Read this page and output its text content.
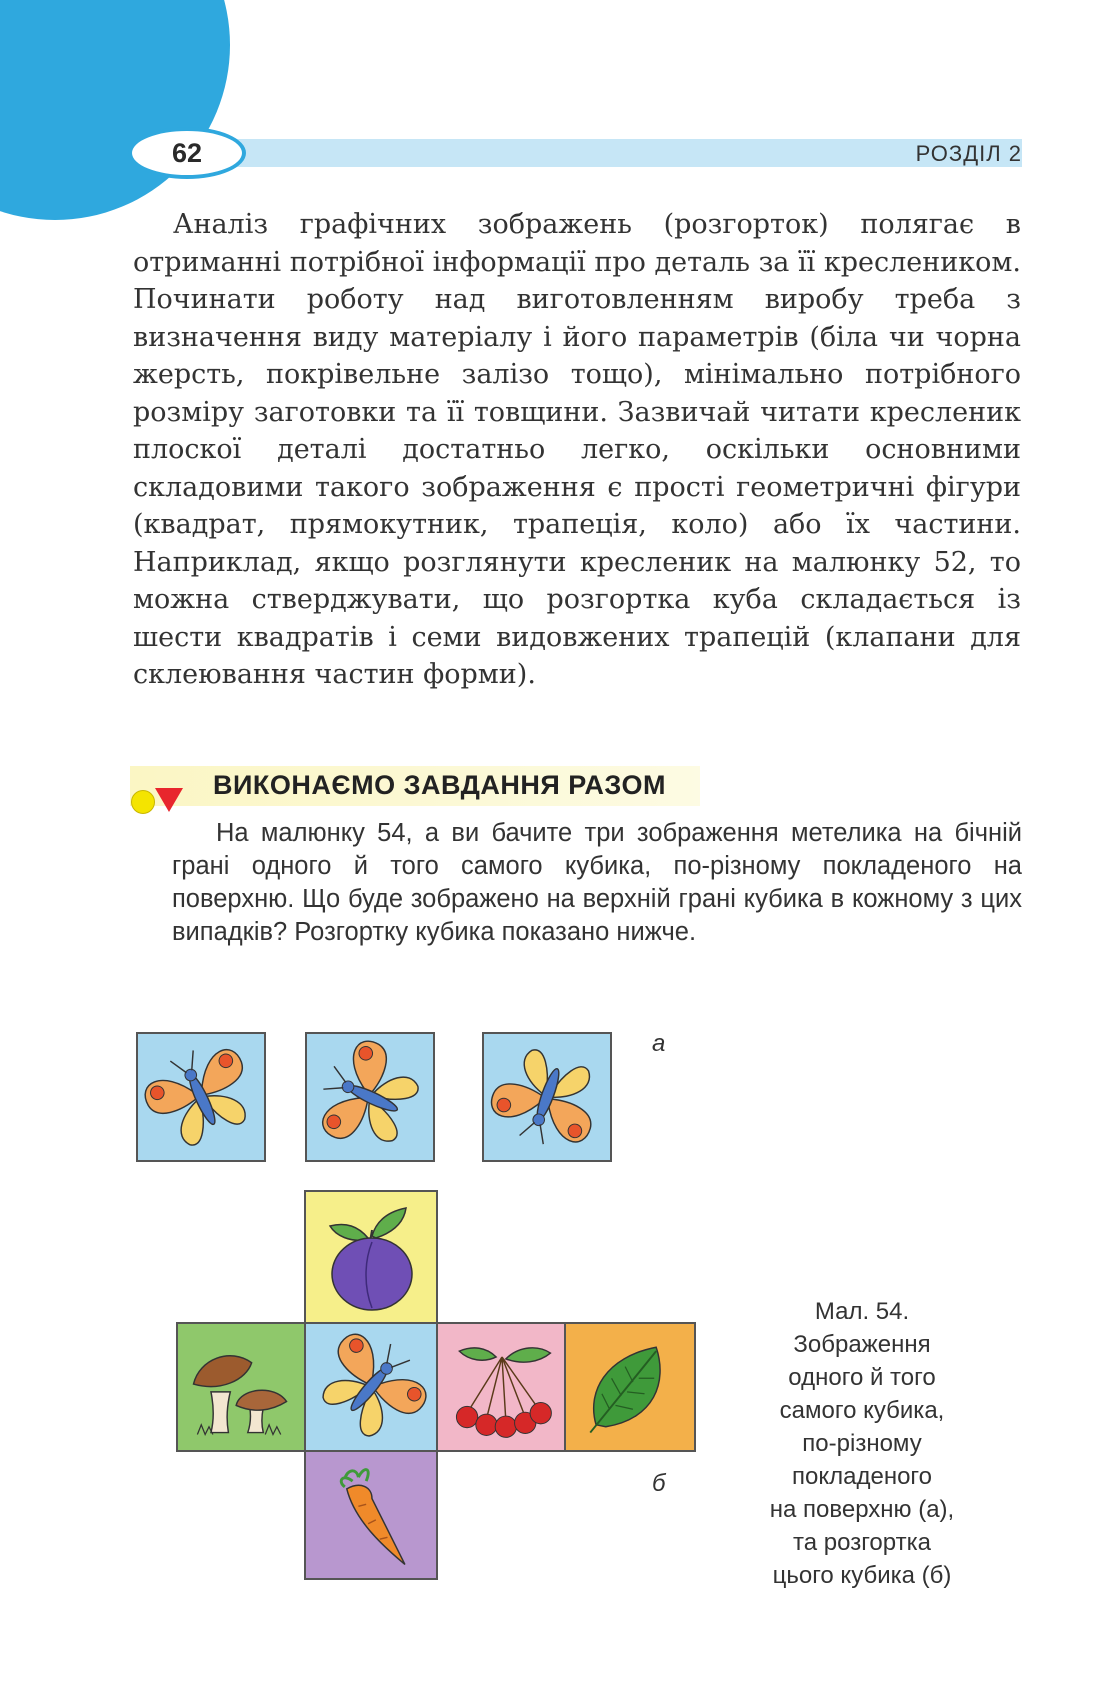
62	РОЗДІЛ 2

Аналіз графічних зображень (розгорток) полягає в отриманні потрібної інформації про деталь за її креслеником. Починати роботу над виготовленням виробу треба з визначення виду матеріалу і його параметрів (біла чи чорна жерсть, покрівельне залізо тощо), мінімально потрібного розміру заготовки та її товщини. Зазвичай читати кресленик плоскої деталі достатньо легко, оскільки основними складовими такого зображення є прості геометричні фігури (квадрат, прямокутник, трапеція, коло) або їх частини. Наприклад, якщо розглянути кресленик на малюнку 52, то можна стверджувати, що розгортка куба складається із шести квадратів і семи видовжених трапецій (клапани для склеювання частин форми).

ВИКОНАЄМО ЗАВДАННЯ РАЗОМ

На малюнку 54, а ви бачите три зображення метелика на бічній грані одного й того самого кубика, по-різному покладеного на поверхню. Що буде зображено на верхній грані кубика в кожному з цих випадків? Розгортку кубика показано нижче.

а
б
Мал. 54.
Зображення
одного й того
самого кубика,
по-різному
покладеного
на поверхню (а),
та розгортка
цього кубика (б)
